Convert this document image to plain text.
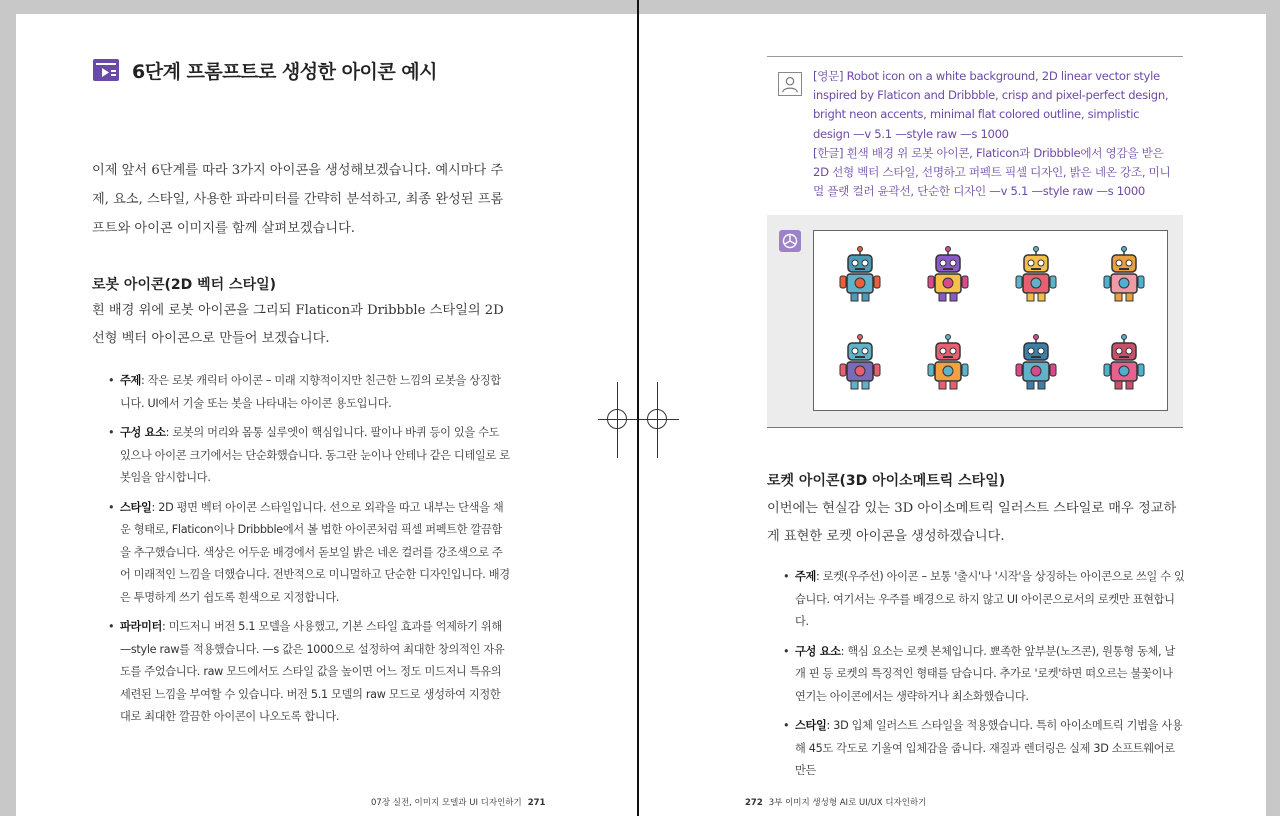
6단계 프롬프트로 생성한 아이콘 예시
이제 앞서 6단계를 따라 3가지 아이콘을 생성해보겠습니다. 예시마다 주제, 요소, 스타일, 사용한 파라미터를 간략히 분석하고, 최종 완성된 프롬프트와 아이콘 이미지를 함께 살펴보겠습니다.
로봇 아이콘(2D 벡터 스타일)
흰 배경 위에 로봇 아이콘을 그리되 Flaticon과 Dribbble 스타일의 2D 선형 벡터 아이콘으로 만들어 보겠습니다.
• 주제: 작은 로봇 캐릭터 아이콘 – 미래 지향적이지만 친근한 느낌의 로봇을 상징합니다. UI에서 기술 또는 봇을 나타내는 아이콘 용도입니다.
• 구성 요소: 로봇의 머리와 몸통 실루엣이 핵심입니다. 팔이나 바퀴 등이 있을 수도 있으나 아이콘 크기에서는 단순화했습니다. 동그란 눈이나 안테나 같은 디테일로 로봇임을 암시합니다.
• 스타일: 2D 평면 벡터 아이콘 스타일입니다. 선으로 외곽을 따고 내부는 단색을 채운 형태로, Flaticon이나 Dribbble에서 볼 법한 아이콘처럼 픽셀 퍼펙트한 깔끔함을 추구했습니다. 색상은 어두운 배경에서 돋보일 밝은 네온 컬러를 강조색으로 주어 미래적인 느낌을 더했습니다. 전반적으로 미니멀하고 단순한 디자인입니다. 배경은 투명하게 쓰기 쉽도록 흰색으로 지정합니다.
• 파라미터: 미드저니 버전 5.1 모델을 사용했고, 기본 스타일 효과를 억제하기 위해 —style raw를 적용했습니다. —s 값은 1000으로 설정하여 최대한 창의적인 자유도를 주었습니다. raw 모드에서도 스타일 값을 높이면 어느 정도 미드저니 특유의 세련된 느낌을 부여할 수 있습니다. 버전 5.1 모델의 raw 모드로 생성하여 지정한 대로 최대한 깔끔한 아이콘이 나오도록 합니다.
07장 실전, 이미지 모델과 UI 디자인하기 271

[영문] Robot icon on a white background, 2D linear vector style inspired by Flaticon and Dribbble, crisp and pixel-perfect design, bright neon accents, minimal flat colored outline, simplistic design —v 5.1 —style raw —s 1000

[한글] 흰색 배경 위 로봇 아이콘, Flaticon과 Dribbble에서 영감을 받은 2D 선형 벡터 스타일, 선명하고 퍼펙트 픽셀 디자인, 밝은 네온 강조, 미니멀 플랫 컬러 윤곽선, 단순한 디자인 —v 5.1 —style raw —s 1000

로켓 아이콘(3D 아이소메트릭 스타일)
이번에는 현실감 있는 3D 아이소메트릭 일러스트 스타일로 매우 정교하게 표현한 로켓 아이콘을 생성하겠습니다.
• 주제: 로켓(우주선) 아이콘 – 보통 '출시'나 '시작'을 상징하는 아이콘으로 쓰일 수 있습니다. 여기서는 우주를 배경으로 하지 않고 UI 아이콘으로서의 로켓만 표현합니다.
• 구성 요소: 핵심 요소는 로켓 본체입니다. 뾰족한 앞부분(노즈콘), 원통형 동체, 날개 핀 등 로켓의 특징적인 형태를 담습니다. 추가로 '로켓'하면 떠오르는 불꽃이나 연기는 아이콘에서는 생략하거나 최소화했습니다.
• 스타일: 3D 입체 일러스트 스타일을 적용했습니다. 특히 아이소메트릭 기법을 사용해 45도 각도로 기울여 입체감을 줍니다. 재질과 렌더링은 실제 3D 소프트웨어로 만든
272 3부 이미지 생성형 AI로 UI/UX 디자인하기
